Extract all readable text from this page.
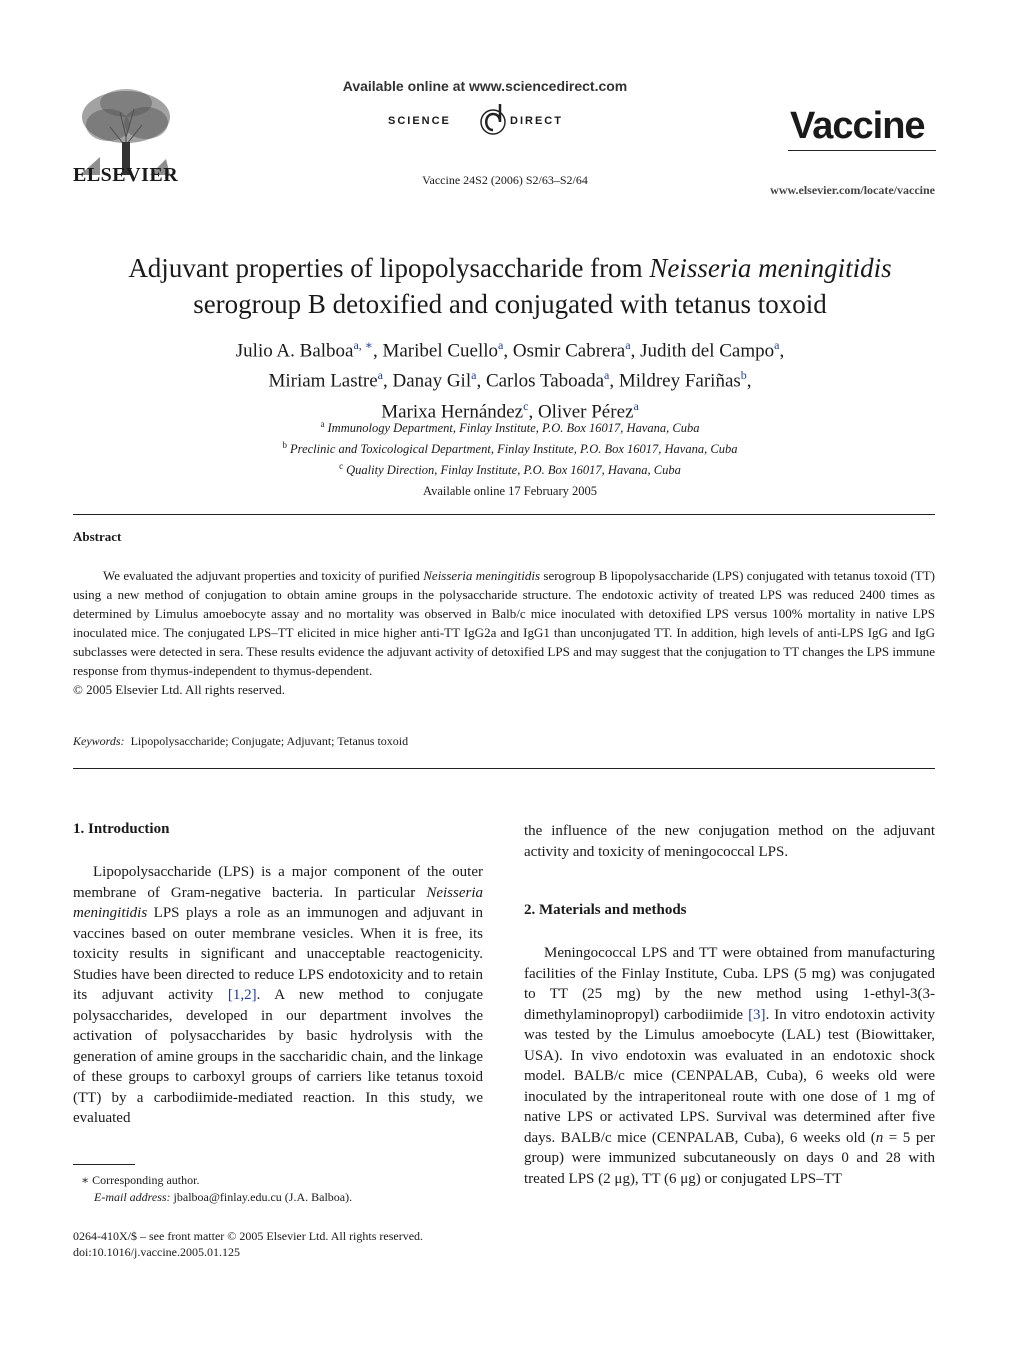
ELSEVIER
Available online at www.sciencedirect.com
SCIENCE	DIRECT
Vaccine 24S2 (2006) S2/63–S2/64
Vaccine
www.elsevier.com/locate/vaccine
Adjuvant properties of lipopolysaccharide from Neisseria meningitidis
serogroup B detoxified and conjugated with tetanus toxoid
Julio A. Balboa$^{a, ∗}$, Maribel Cuello$^a$, Osmir Cabrera$^a$, Judith del Campo$^a$,
Miriam Lastre$^a$, Danay Gil$^a$, Carlos Taboada$^a$, Mildrey Fariñas$^b$,
Marixa Hernández$^c$, Oliver Pérez$^a$
$^a$ Immunology Department, Finlay Institute, P.O. Box 16017, Havana, Cuba
$^b$ Preclinic and Toxicological Department, Finlay Institute, P.O. Box 16017, Havana, Cuba
$^c$ Quality Direction, Finlay Institute, P.O. Box 16017, Havana, Cuba
Available online 17 February 2005
Abstract

We evaluated the adjuvant properties and toxicity of purified Neisseria meningitidis serogroup B lipopolysaccharide (LPS) conjugated with tetanus toxoid (TT) using a new method of conjugation to obtain amine groups in the polysaccharide structure. The endotoxic activity of treated LPS was reduced 2400 times as determined by Limulus amoebocyte assay and no mortality was observed in Balb/c mice inoculated with detoxified LPS versus 100% mortality in native LPS inoculated mice. The conjugated LPS–TT elicited in mice higher anti-TT IgG2a and IgG1 than unconjugated TT. In addition, high levels of anti-LPS IgG and IgG subclasses were detected in sera. These results evidence the adjuvant activity of detoxified LPS and may suggest that the conjugation to TT changes the LPS immune response from thymus-independent to thymus-dependent.

© 2005 Elsevier Ltd. All rights reserved.

Keywords: Lipopolysaccharide; Conjugate; Adjuvant; Tetanus toxoid
1. Introduction

Lipopolysaccharide (LPS) is a major component of the outer membrane of Gram-negative bacteria. In particular Neisseria meningitidis LPS plays a role as an immunogen and adjuvant in vaccines based on outer membrane vesicles. When it is free, its toxicity results in significant and unacceptable reactogenicity. Studies have been directed to reduce LPS endotoxicity and to retain its adjuvant activity [1,2]. A new method to conjugate polysaccharides, developed in our department involves the activation of polysaccharides by basic hydrolysis with the generation of amine groups in the saccharidic chain, and the linkage of these groups to carboxyl groups of carriers like tetanus toxoid (TT) by a carbodiimide-mediated reaction. In this study, we evaluated

∗ Corresponding author.
E-mail address: jbalboa@finlay.edu.cu (J.A. Balboa).
0264-410X/$ – see front matter © 2005 Elsevier Ltd. All rights reserved.
doi:10.1016/j.vaccine.2005.01.125

the influence of the new conjugation method on the adjuvant activity and toxicity of meningococcal LPS.

2. Materials and methods

Meningococcal LPS and TT were obtained from manufacturing facilities of the Finlay Institute, Cuba. LPS (5 mg) was conjugated to TT (25 mg) by the new method using 1-ethyl-3(3-dimethylaminopropyl) carbodiimide [3]. In vitro endotoxin activity was tested by the Limulus amoebocyte (LAL) test (Biowittaker, USA). In vivo endotoxin was evaluated in an endotoxic shock model. BALB/c mice (CENPALAB, Cuba), 6 weeks old were inoculated by the intraperitoneal route with one dose of 1 mg of native LPS or activated LPS. Survival was determined after five days. BALB/c mice (CENPALAB, Cuba), 6 weeks old (n = 5 per group) were immunized subcutaneously on days 0 and 28 with treated LPS (2 μg), TT (6 μg) or conjugated LPS–TT
